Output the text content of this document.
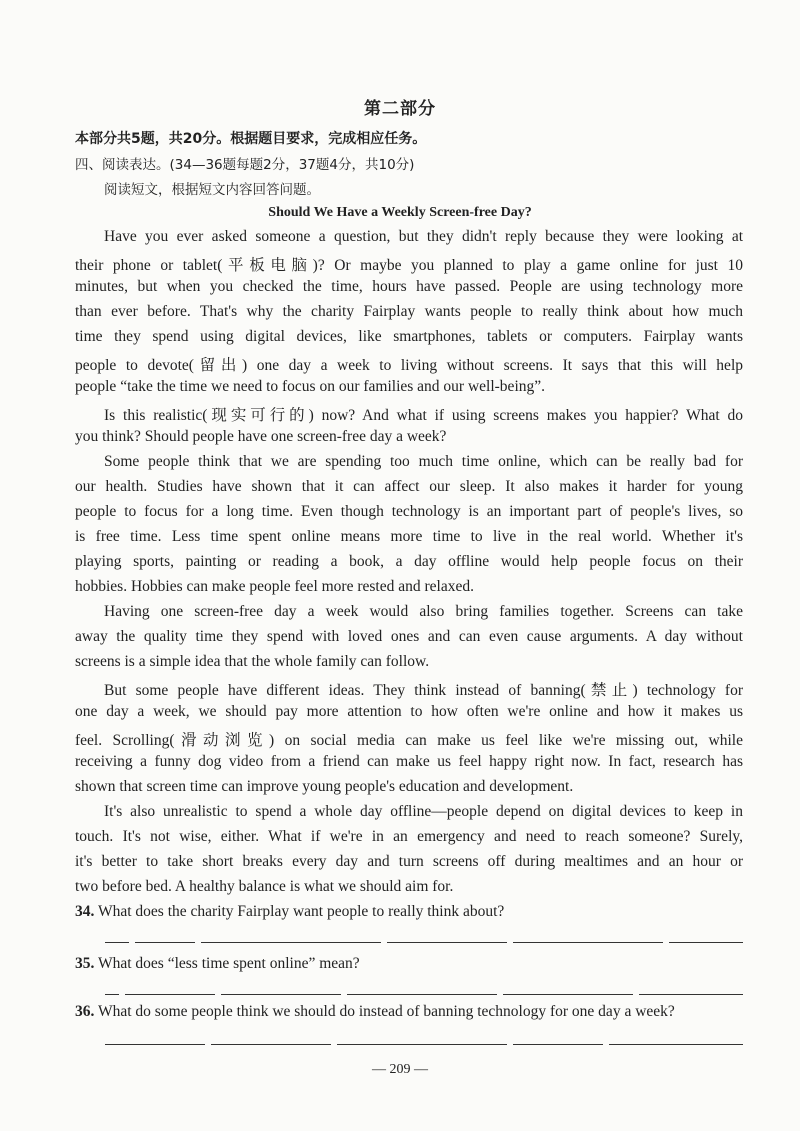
第二部分
本部分共5题，共20分。根据题目要求，完成相应任务。
四、阅读表达。(34—36题每题2分，37题4分，共10分)
阅读短文，根据短文内容回答问题。
Should We Have a Weekly Screen-free Day?
Have you ever asked someone a question, but they didn't reply because they were looking at
their phone or tablet(平板电脑)? Or maybe you planned to play a game online for just 10
minutes, but when you checked the time, hours have passed. People are using technology more
than ever before. That's why the charity Fairplay wants people to really think about how much
time they spend using digital devices, like smartphones, tablets or computers. Fairplay wants
people to devote(留出) one day a week to living without screens. It says that this will help
people “take the time we need to focus on our families and our well-being”.
Is this realistic(现实可行的) now? And what if using screens makes you happier? What do
you think? Should people have one screen-free day a week?
Some people think that we are spending too much time online, which can be really bad for
our health. Studies have shown that it can affect our sleep. It also makes it harder for young
people to focus for a long time. Even though technology is an important part of people's lives, so
is free time. Less time spent online means more time to live in the real world. Whether it's
playing sports, painting or reading a book, a day offline would help people focus on their
hobbies. Hobbies can make people feel more rested and relaxed.
Having one screen-free day a week would also bring families together. Screens can take
away the quality time they spend with loved ones and can even cause arguments. A day without
screens is a simple idea that the whole family can follow.
But some people have different ideas. They think instead of banning(禁止) technology for
one day a week, we should pay more attention to how often we're online and how it makes us
feel. Scrolling(滑动浏览) on social media can make us feel like we're missing out, while
receiving a funny dog video from a friend can make us feel happy right now. In fact, research has
shown that screen time can improve young people's education and development.
It's also unrealistic to spend a whole day offline—people depend on digital devices to keep in
touch. It's not wise, either. What if we're in an emergency and need to reach someone? Surely,
it's better to take short breaks every day and turn screens off during mealtimes and an hour or
two before bed. A healthy balance is what we should aim for.
34. What does the charity Fairplay want people to really think about?
35. What does “less time spent online” mean?
36. What do some people think we should do instead of banning technology for one day a week?
— 209 —
